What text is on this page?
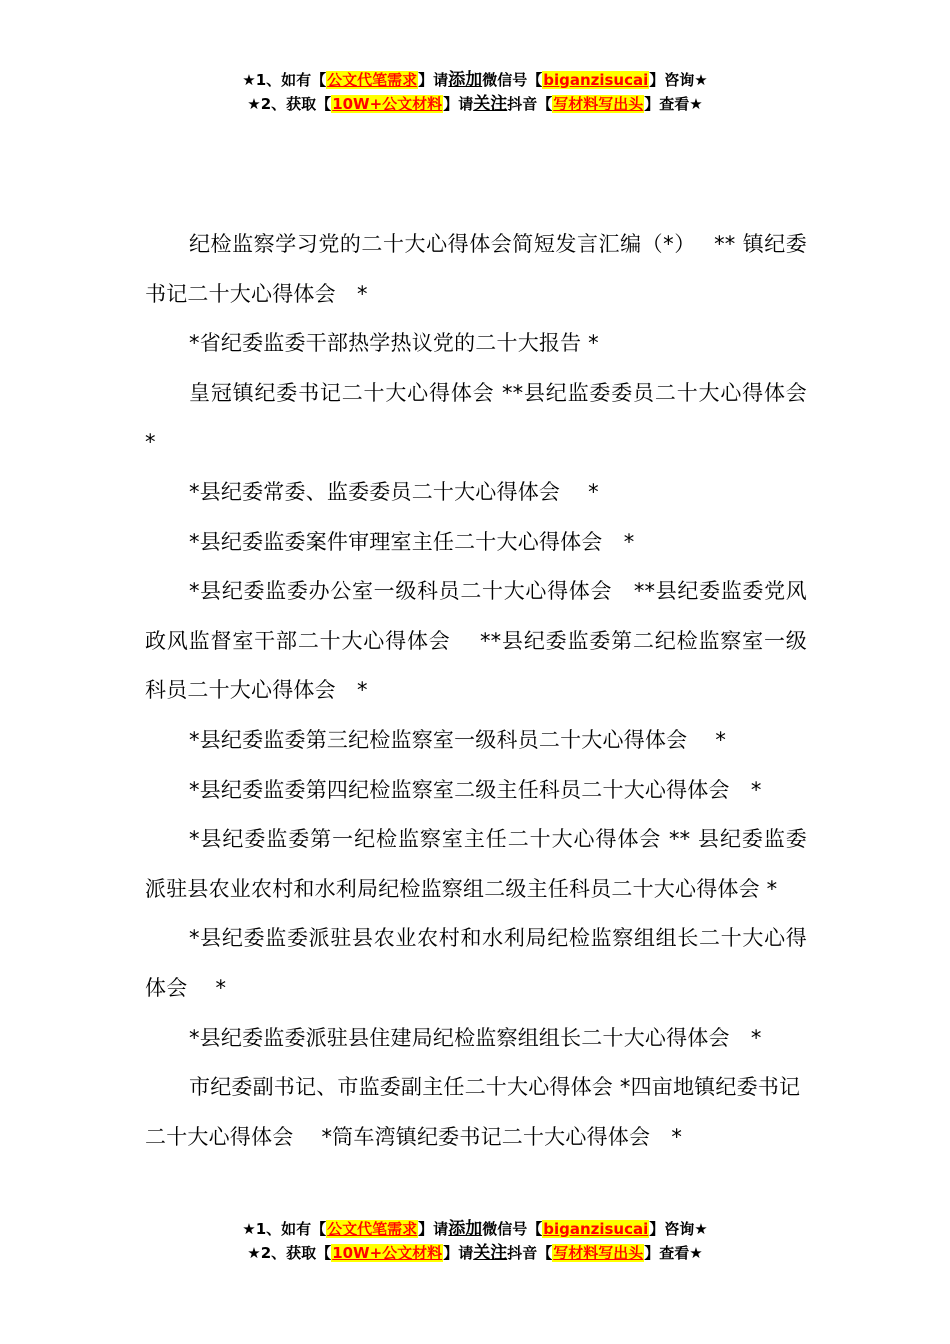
★1、如有【公文代笔需求】请添加微信号【biganzisucai】咨询★
★2、获取【10W+公文材料】请关注抖音【写材料写出头】查看★

纪检监察学习党的二十大心得体会简短发言汇编（*）　 ** 镇纪委书记二十大心得体会　*

*省纪委监委干部热学热议党的二十大报告 *

皇冠镇纪委书记二十大心得体会 **县纪监委委员二十大心得体会 *

*县纪委常委、监委委员二十大心得体会　 *

*县纪委监委案件审理室主任二十大心得体会　*

*县纪委监委办公室一级科员二十大心得体会　**县纪委监委党风政风监督室干部二十大心得体会　 **县纪委监委第二纪检监察室一级科员二十大心得体会　*

*县纪委监委第三纪检监察室一级科员二十大心得体会　 *

*县纪委监委第四纪检监察室二级主任科员二十大心得体会　*

*县纪委监委第一纪检监察室主任二十大心得体会 ** 县纪委监委派驻县农业农村和水利局纪检监察组二级主任科员二十大心得体会 *

*县纪委监委派驻县农业农村和水利局纪检监察组组长二十大心得体会　 *

*县纪委监委派驻县住建局纪检监察组组长二十大心得体会　*

市纪委副书记、市监委副主任二十大心得体会 *四亩地镇纪委书记二十大心得体会　 *筒车湾镇纪委书记二十大心得体会　*

★1、如有【公文代笔需求】请添加微信号【biganzisucai】咨询★
★2、获取【10W+公文材料】请关注抖音【写材料写出头】查看★
